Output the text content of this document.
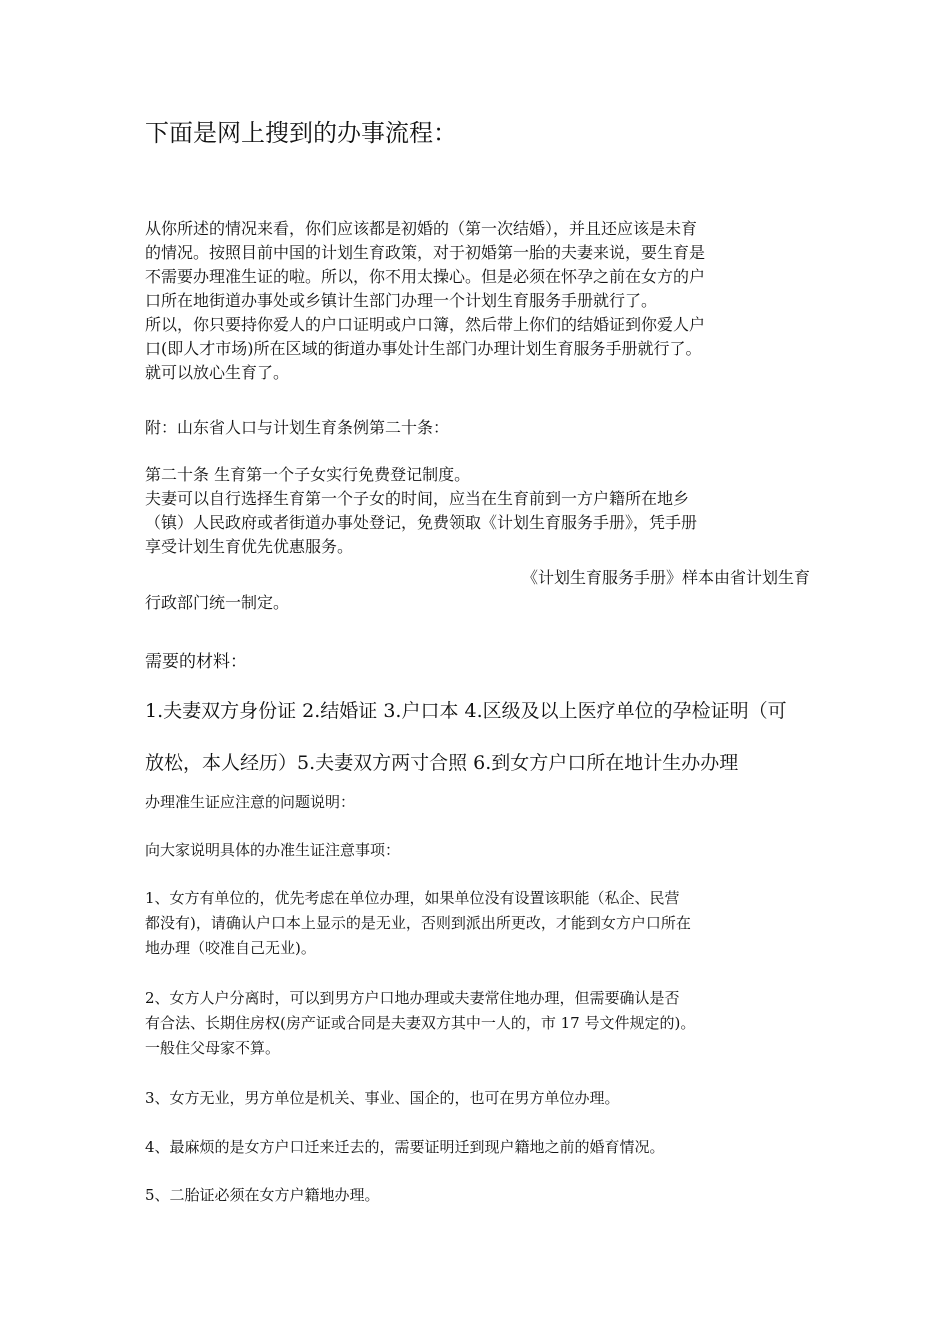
下面是网上搜到的办事流程：
从你所述的情况来看，你们应该都是初婚的（第一次结婚），并且还应该是未育
的情况。按照目前中国的计划生育政策，对于初婚第一胎的夫妻来说，要生育是
不需要办理准生证的啦。所以，你不用太操心。但是必须在怀孕之前在女方的户
口所在地街道办事处或乡镇计生部门办理一个计划生育服务手册就行了。
所以，你只要持你爱人的户口证明或户口簿，然后带上你们的结婚证到你爱人户
口(即人才市场)所在区域的街道办事处计生部门办理计划生育服务手册就行了。
就可以放心生育了。
附：山东省人口与计划生育条例第二十条：
第二十条 生育第一个子女实行免费登记制度。
夫妻可以自行选择生育第一个子女的时间，应当在生育前到一方户籍所在地乡
（镇）人民政府或者街道办事处登记，免费领取《计划生育服务手册》，凭手册
享受计划生育优先优惠服务。
《计划生育服务手册》样本由省计划生育
行政部门统一制定。
需要的材料：
1.夫妻双方身份证 2.结婚证 3.户口本 4.区级及以上医疗单位的孕检证明（可
放松，本人经历）5.夫妻双方两寸合照 6.到女方户口所在地计生办办理
办理准生证应注意的问题说明：
向大家说明具体的办准生证注意事项：
1、女方有单位的，优先考虑在单位办理，如果单位没有设置该职能（私企、民营
都没有)，请确认户口本上显示的是无业，否则到派出所更改，才能到女方户口所在
地办理（咬准自己无业)。
2、女方人户分离时，可以到男方户口地办理或夫妻常住地办理，但需要确认是否
有合法、长期住房权(房产证或合同是夫妻双方其中一人的，市 17 号文件规定的)。
一般住父母家不算。
3、女方无业，男方单位是机关、事业、国企的，也可在男方单位办理。
4、最麻烦的是女方户口迁来迁去的，需要证明迁到现户籍地之前的婚育情况。
5、二胎证必须在女方户籍地办理。
